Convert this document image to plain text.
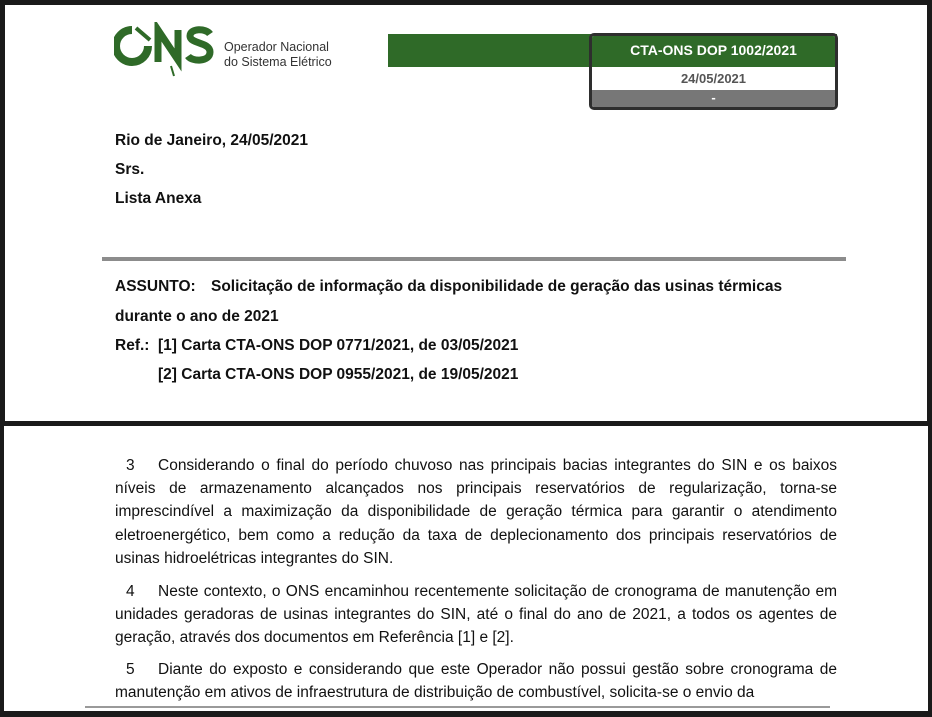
Operador Nacional
do Sistema Elétrico
CTA-ONS DOP 1002/2021
24/05/2021
-
Rio de Janeiro, 24/05/2021
Srs.
Lista Anexa
ASSUNTO: Solicitação de informação da disponibilidade de geração das usinas térmicas
durante o ano de 2021
Ref.: [1] Carta CTA-ONS DOP 0771/2021, de 03/05/2021
[2] Carta CTA-ONS DOP 0955/2021, de 19/05/2021
3 Considerando o final do período chuvoso nas principais bacias integrantes do SIN e os baixos níveis de armazenamento alcançados nos principais reservatórios de regularização, torna-se imprescindível a maximização da disponibilidade de geração térmica para garantir o atendimento eletroenergético, bem como a redução da taxa de deplecionamento dos principais reservatórios de usinas hidroelétricas integrantes do SIN.
4 Neste contexto, o ONS encaminhou recentemente solicitação de cronograma de manutenção em unidades geradoras de usinas integrantes do SIN, até o final do ano de 2021, a todos os agentes de geração, através dos documentos em Referência [1] e [2].
5 Diante do exposto e considerando que este Operador não possui gestão sobre cronograma de manutenção em ativos de infraestrutura de distribuição de combustível, solicita-se o envio da
